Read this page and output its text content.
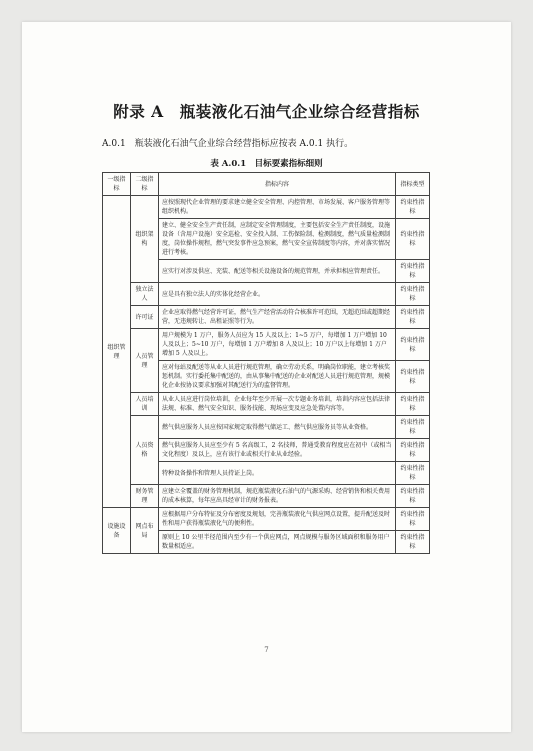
附录 A　瓶装液化石油气企业综合经营指标
A.0.1　瓶装液化石油气企业综合经营指标应按表 A.0.1 执行。
表 A.0.1　目标要素指标细则
一级指标	二级指标	指标内容	指标类型
组织管理	组织架构	应按照现代企业管理的要求建立健全安全管理、内控管理、市场发展、客户服务管理等组织机构。	约束性指标
		建立、健全安全生产责任制，应制定安全管理制度，主要包括安全生产责任制度，设施设备（含用户设施）安全巡检、安全投入制、工伤保险制、检测制度，燃气质量检测制度，岗位操作规程，燃气突发事件应急预案，燃气安全宣传制度等内容，并对落实情况进行考核。	约束性指标
		应实行对涉及供应、充装、配送等相关设施设备的规范管理，并承担相应管理责任。	约束性指标
	独立法人	应是具有独立法人的实体化经营企业。	约束性指标
	许可证	企业应取得燃气经营许可证，燃气生产经营活动符合核准许可范围，无超范围或超期经营，无违规转让、出租证照等行为。	约束性指标
	人员管理	用户规模为 1 万户，服务人员应为 15 人及以上；1~5 万户，每增加 1 万户增加 10 人及以上；5~10 万户，每增加 1 万户增加 8 人及以上；10 万户以上每增加 1 万户增加 5 人及以上。	约束性指标
		应对每站及配送等从业人员进行规范管理，确立劳动关系，明确岗位职能，建立考核奖惩机制。实行委托集中配送的，由从事集中配送的企业对配送人员进行规范管理，规模化企业按协议要求加强对其配送行为的监督管理。	约束性指标
	人员培训	从业人员应进行岗位培训，企业每年至少开展一次专题业务培训，培训内容应包括法律法规、标准、燃气安全知识、服务技能、现场应变及应急处置内容等。	约束性指标
	人员资格	燃气供应服务人员应按国家规定取得燃气储运工、燃气供应服务员等从业资格。	约束性指标
		燃气供应服务人员应至少有 5 名高级工，2 名技师，普通受教育程度应在初中（或相当文化程度）及以上，应有该行业或相关行业从业经验。	约束性指标
		特种设备操作和管理人员持证上岗。	约束性指标
	财务管理	应建立全覆盖的财务管理机制，规范瓶装液化石油气的气源采购、经营销售和相关费用的成本核算，每年应出具经审计的财务报表。	约束性指标
设施设备	网点布局	应根据用户分布特征及分布密度及规划，完善瓶装液化气供应网点设置，提升配送及时性和用户获得瓶装液化气的便利性。	约束性指标
		原则上 10 公里半径范围内至少有一个供应网点，网点规模与服务区域面积和服务用户数量相适应。	约束性指标
7
